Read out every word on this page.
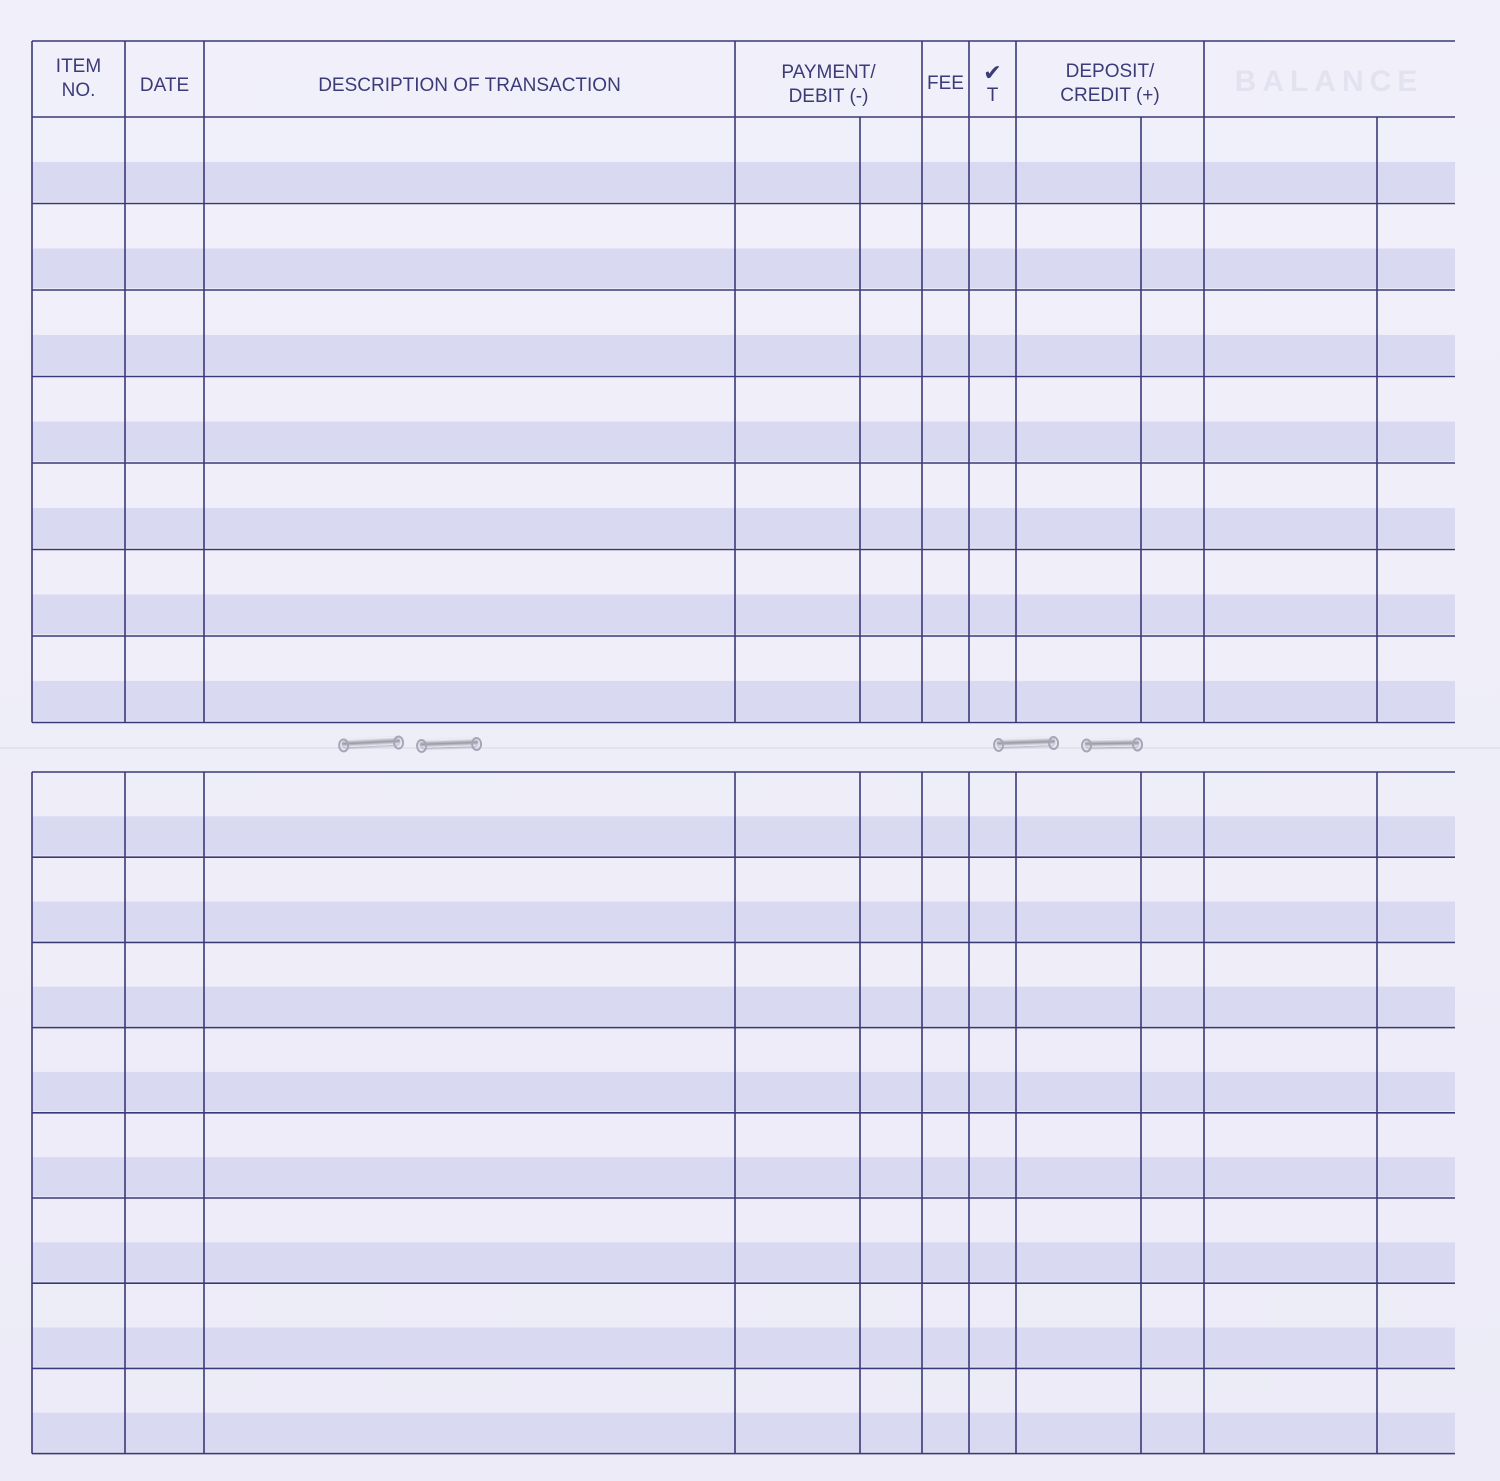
ITEM
NO. DATE	DESCRIPTION OF TRANSACTION
PAYMENT/
DEBIT (-)
FEE ✔
T
DEPOSIT/
CREDIT (+)	BALANCE
